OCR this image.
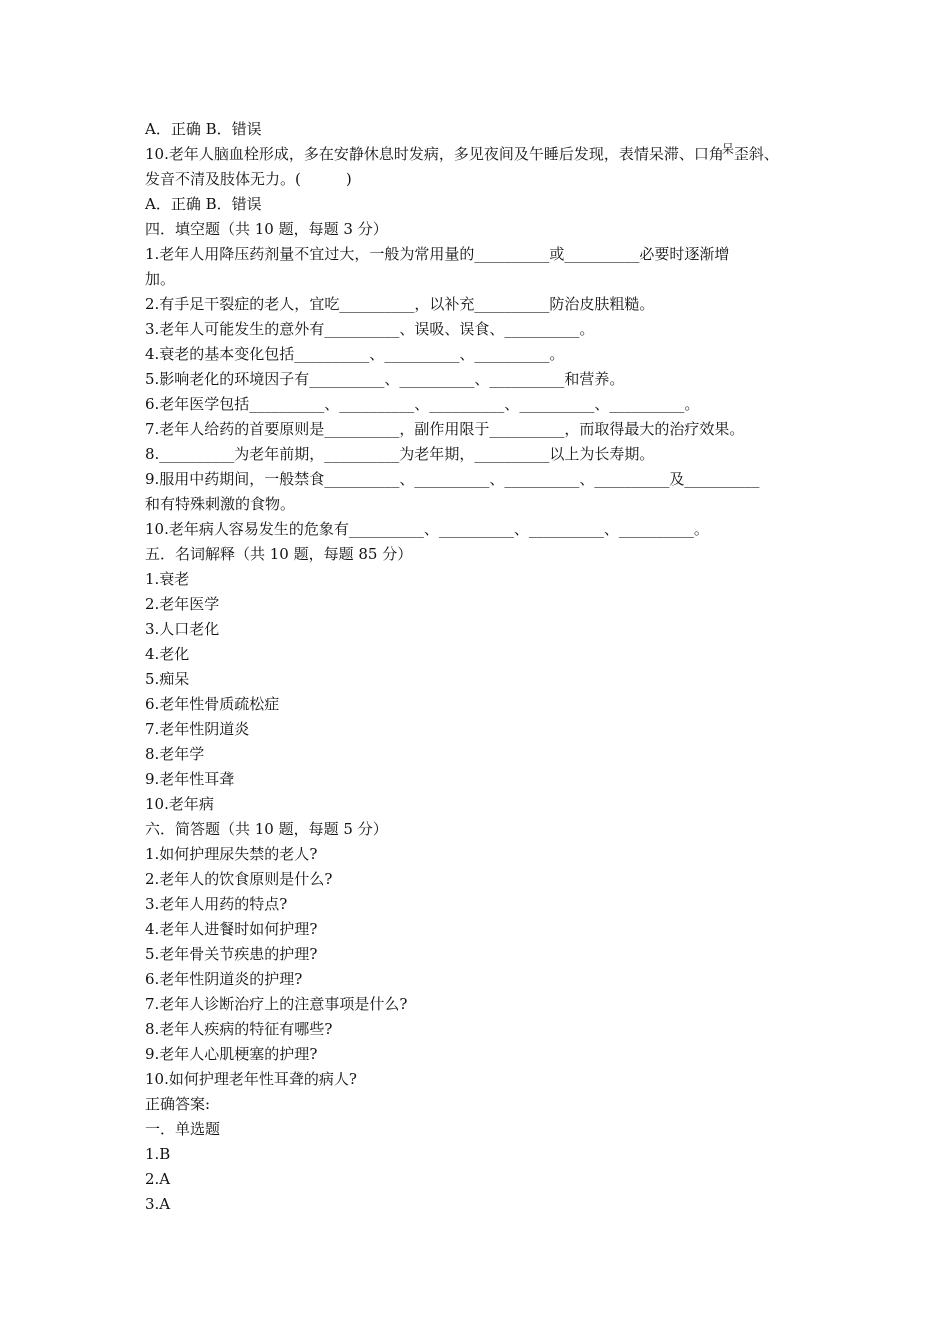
A．正确 B．错误
10.老年人脑血栓形成，多在安静休息时发病，多见夜间及午睡后发现，表情呆滞、口角$^呆$歪斜、
发音不清及肢体无力。(　　　)
A．正确 B．错误
四．填空题（共 10 题，每题 3 分）
1.老年人用降压药剂量不宜过大，一般为常用量的__________或__________必要时逐渐增
加。
2.有手足干裂症的老人，宜吃__________，以补充__________防治皮肤粗糙。
3.老年人可能发生的意外有__________、误吸、误食、__________。
4.衰老的基本变化包括__________、__________、__________。
5.影响老化的环境因子有__________、__________、__________和营养。
6.老年医学包括__________、__________、__________、__________、__________。
7.老年人给药的首要原则是__________，副作用限于__________，而取得最大的治疗效果。
8.__________为老年前期，__________为老年期，__________以上为长寿期。
9.服用中药期间，一般禁食__________、__________、__________、__________及__________
和有特殊刺激的食物。
10.老年病人容易发生的危象有__________、__________、__________、__________。
五．名词解释（共 10 题，每题 85 分）
1.衰老
2.老年医学
3.人口老化
4.老化
5.痴呆
6.老年性骨质疏松症
7.老年性阴道炎
8.老年学
9.老年性耳聋
10.老年病
六．简答题（共 10 题，每题 5 分）
1.如何护理尿失禁的老人?
2.老年人的饮食原则是什么?
3.老年人用药的特点?
4.老年人进餐时如何护理?
5.老年骨关节疾患的护理?
6.老年性阴道炎的护理?
7.老年人诊断治疗上的注意事项是什么?
8.老年人疾病的特征有哪些?
9.老年人心肌梗塞的护理?
10.如何护理老年性耳聋的病人?
正确答案:
一．单选题
1.B
2.A
3.A
